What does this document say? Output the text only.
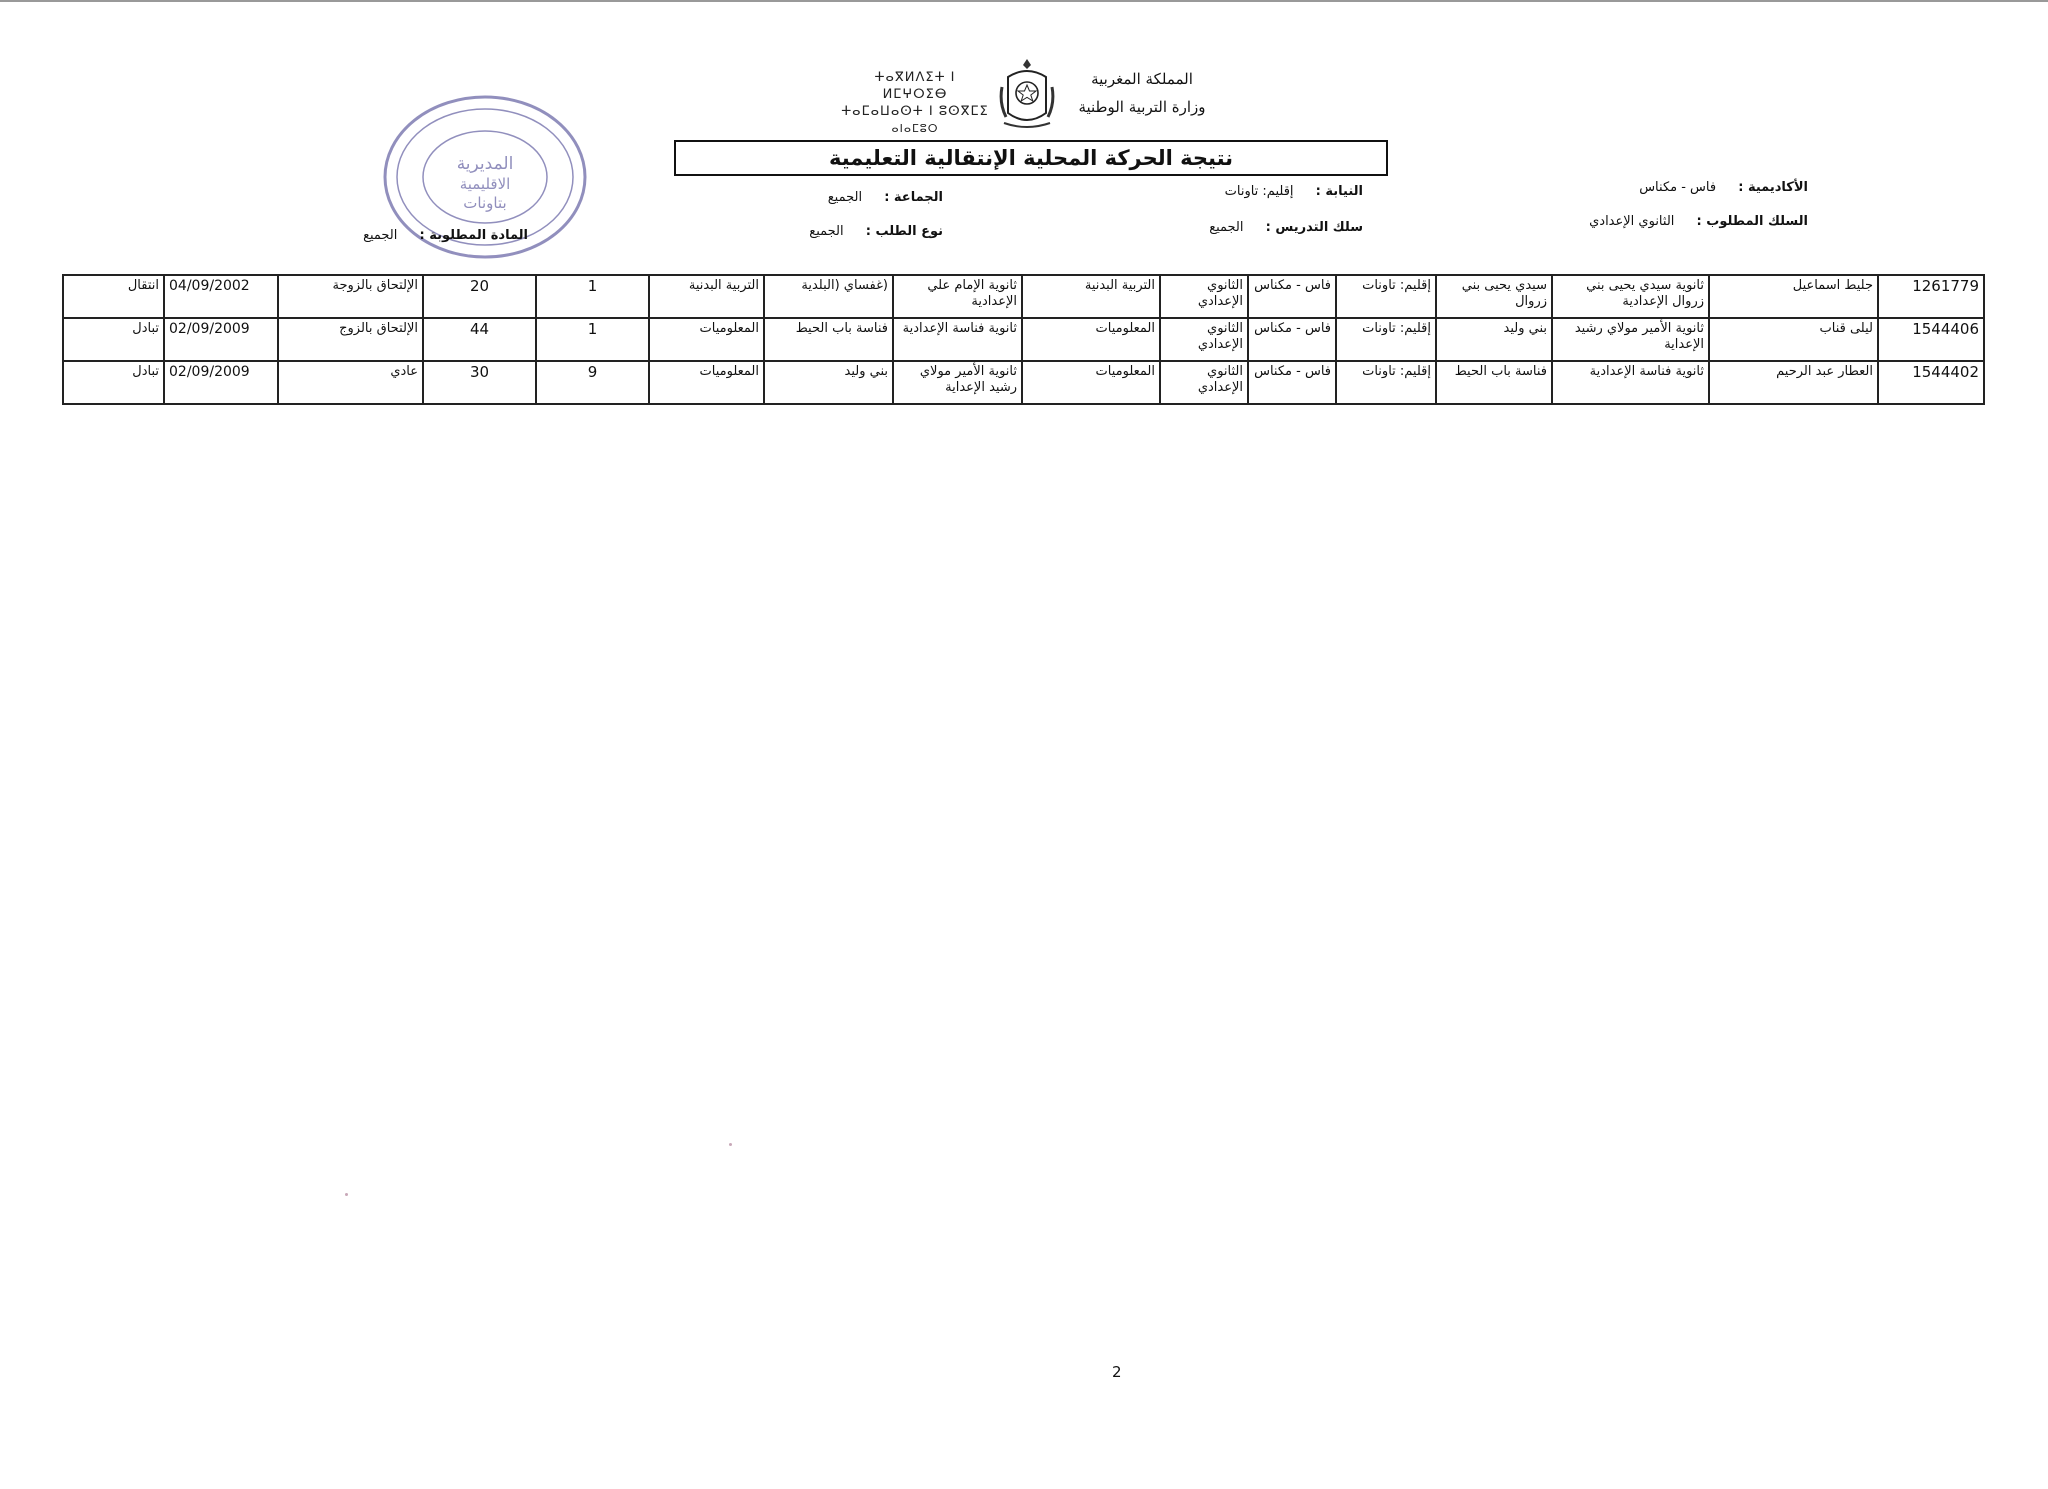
ⵜⴰⴳⵍⴷⵉⵜ ⵏ ⵍⵎⵖⵔⵉⴱ
ⵜⴰⵎⴰⵡⴰⵙⵜ ⵏ ⵓⵙⴳⵎⵉ
ⴰⵏⴰⵎⵓⵔ
المملكة المغربية
وزارة التربية الوطنية
المديرية
الاقليمية
بتاونات
نتيجة الحركة المحلية الإنتقالية التعليمية
الأكاديمية : فاس - مكناس
النيابة : إقليم: تاونات
الجماعة : الجميع
السلك المطلوب : الثانوي الإعدادي
سلك التدريس : الجميع
نوع الطلب : الجميع
المادة المطلوبة : الجميع
1261779	جليط اسماعيل	ثانوية سيدي يحيى بني زروال الإعدادية	سيدي يحيى بني زروال	إقليم: تاونات	فاس - مكناس	الثانوي الإعدادي	التربية البدنية	ثانوية الإمام علي الإعدادية	(غفساي (البلدية	التربية البدنية	1	20	الإلتحاق بالزوجة	04/09/2002	انتقال
1544406	ليلى قناب	ثانوية الأمير مولاي رشيد الإعداية	بني وليد	إقليم: تاونات	فاس - مكناس	الثانوي الإعدادي	المعلوميات	ثانوية فناسة الإعدادية	فناسة باب الحيط	المعلوميات	1	44	الإلتحاق بالزوج	02/09/2009	تبادل
1544402	العطار عبد الرحيم	ثانوية فناسة الإعدادية	فناسة باب الحيط	إقليم: تاونات	فاس - مكناس	الثانوي الإعدادي	المعلوميات	ثانوية الأمير مولاي رشيد الإعداية	بني وليد	المعلوميات	9	30	عادي	02/09/2009	تبادل
2
